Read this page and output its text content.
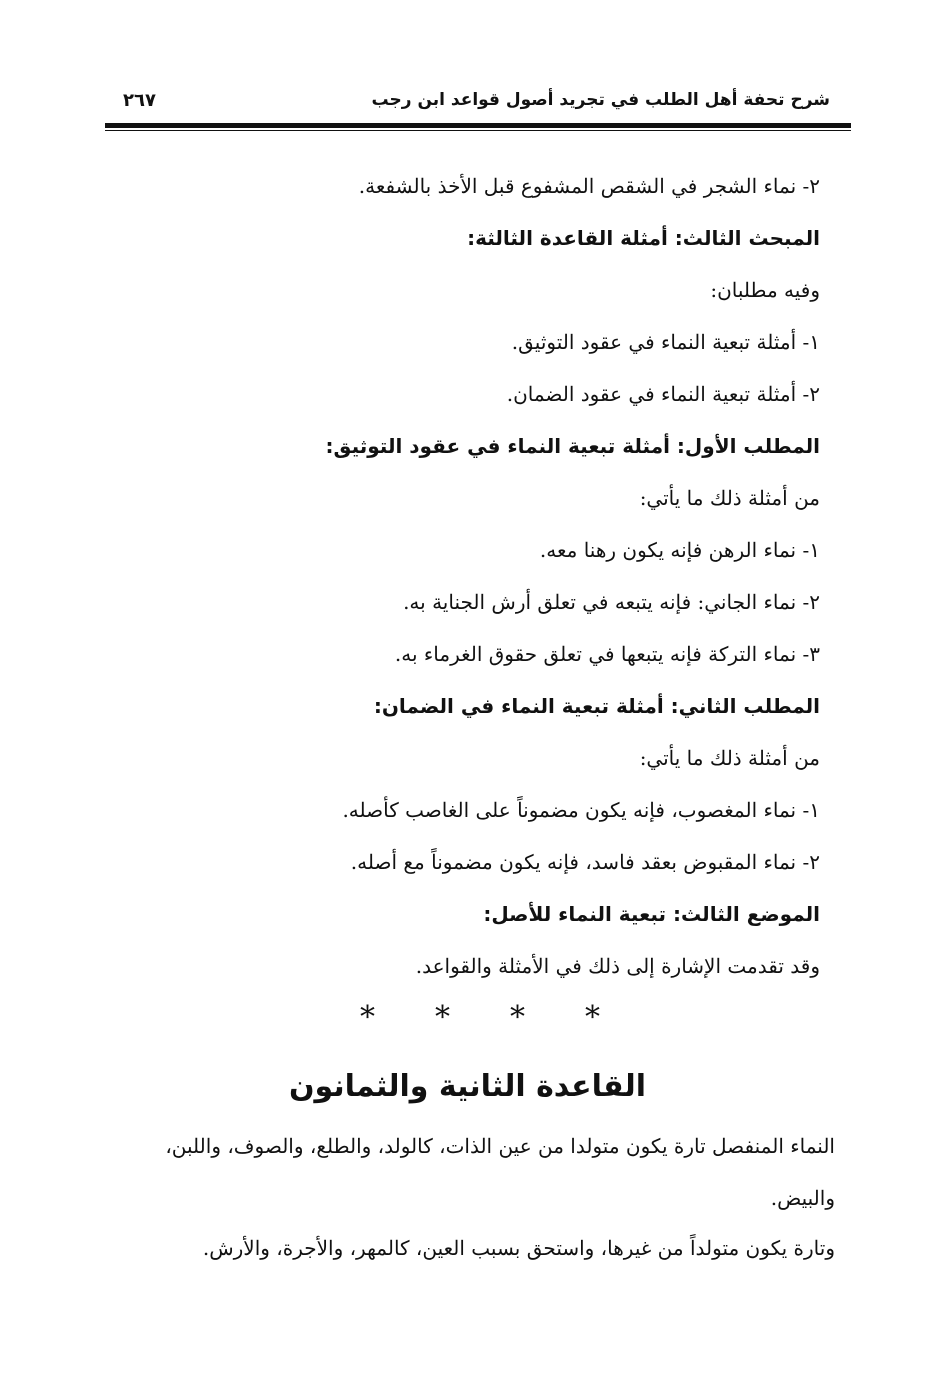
شرح تحفة أهل الطلب في تجريد أصول قواعد ابن رجب
٢٦٧
٢- نماء الشجر في الشقص المشفوع قبل الأخذ بالشفعة.
المبحث الثالث: أمثلة القاعدة الثالثة:
وفيه مطلبان:
١- أمثلة تبعية النماء في عقود التوثيق.
٢- أمثلة تبعية النماء في عقود الضمان.
المطلب الأول: أمثلة تبعية النماء في عقود التوثيق:
من أمثلة ذلك ما يأتي:
١- نماء الرهن فإنه يكون رهنا معه.
٢- نماء الجاني: فإنه يتبعه في تعلق أرش الجناية به.
٣- نماء التركة فإنه يتبعها في تعلق حقوق الغرماء به.
المطلب الثاني: أمثلة تبعية النماء في الضمان:
من أمثلة ذلك ما يأتي:
١- نماء المغصوب، فإنه يكون مضموناً على الغاصب كأصله.
٢- نماء المقبوض بعقد فاسد، فإنه يكون مضموناً مع أصله.
الموضع الثالث: تبعية النماء للأصل:
وقد تقدمت الإشارة إلى ذلك في الأمثلة والقواعد.
* * * *
القاعدة الثانية والثمانون
النماء المنفصل تارة يكون متولدا من عين الذات، كالولد، والطلع، والصوف، واللبن، والبيض.
وتارة يكون متولداً من غيرها، واستحق بسبب العين، كالمهر، والأجرة، والأرش.
